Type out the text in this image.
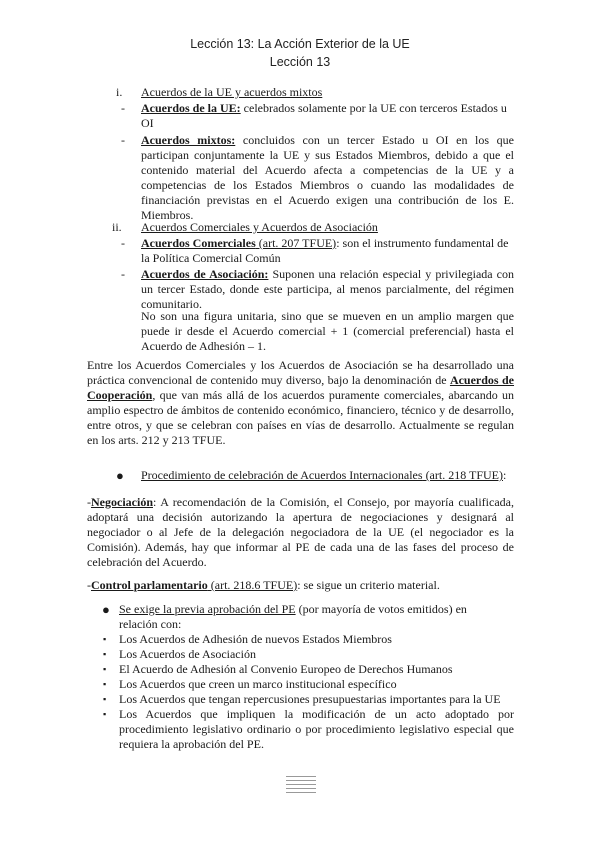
Lección 13: La Acción Exterior de la UE
Lección 13
i. Acuerdos de la UE y acuerdos mixtos
- Acuerdos de la UE: celebrados solamente por la UE con terceros Estados u
OI
- Acuerdos mixtos: concluidos con un tercer Estado u OI en los que participan conjuntamente la UE y sus Estados Miembros, debido a que el contenido material del Acuerdo afecta a competencias de la UE y a competencias de los Estados Miembros o cuando las modalidades de financiación previstas en el Acuerdo exigen una contribución de los E. Miembros.
ii. Acuerdos Comerciales y Acuerdos de Asociación
- Acuerdos Comerciales (art. 207 TFUE): son el instrumento fundamental de
la Política Comercial Común
- Acuerdos de Asociación: Suponen una relación especial y privilegiada con un tercer Estado, donde este participa, al menos parcialmente, del régimen comunitario.
No son una figura unitaria, sino que se mueven en un amplio margen que puede ir desde el Acuerdo comercial + 1 (comercial preferencial) hasta el Acuerdo de Adhesión – 1.
Entre los Acuerdos Comerciales y los Acuerdos de Asociación se ha desarrollado una práctica convencional de contenido muy diverso, bajo la denominación de Acuerdos de Cooperación, que van más allá de los acuerdos puramente comerciales, abarcando un amplio espectro de ámbitos de contenido económico, financiero, técnico y de desarrollo, entre otros, y que se celebran con países en vías de desarrollo. Actualmente se regulan en los arts. 212 y 213 TFUE.
● Procedimiento de celebración de Acuerdos Internacionales (art. 218 TFUE):
-Negociación: A recomendación de la Comisión, el Consejo, por mayoría cualificada, adoptará una decisión autorizando la apertura de negociaciones y designará al negociador o al Jefe de la delegación negociadora de la UE (el negociador es la Comisión). Además, hay que informar al PE de cada una de las fases del proceso de celebración del Acuerdo.
-Control parlamentario (art. 218.6 TFUE): se sigue un criterio material.
● Se exige la previa aprobación del PE (por mayoría de votos emitidos) en
relación con:
▪ Los Acuerdos de Adhesión de nuevos Estados Miembros
▪ Los Acuerdos de Asociación
▪ El Acuerdo de Adhesión al Convenio Europeo de Derechos Humanos
▪ Los Acuerdos que creen un marco institucional específico
▪ Los Acuerdos que tengan repercusiones presupuestarias importantes para la UE
▪ Los Acuerdos que impliquen la modificación de un acto adoptado por procedimiento legislativo ordinario o por procedimiento legislativo especial que requiera la aprobación del PE.
